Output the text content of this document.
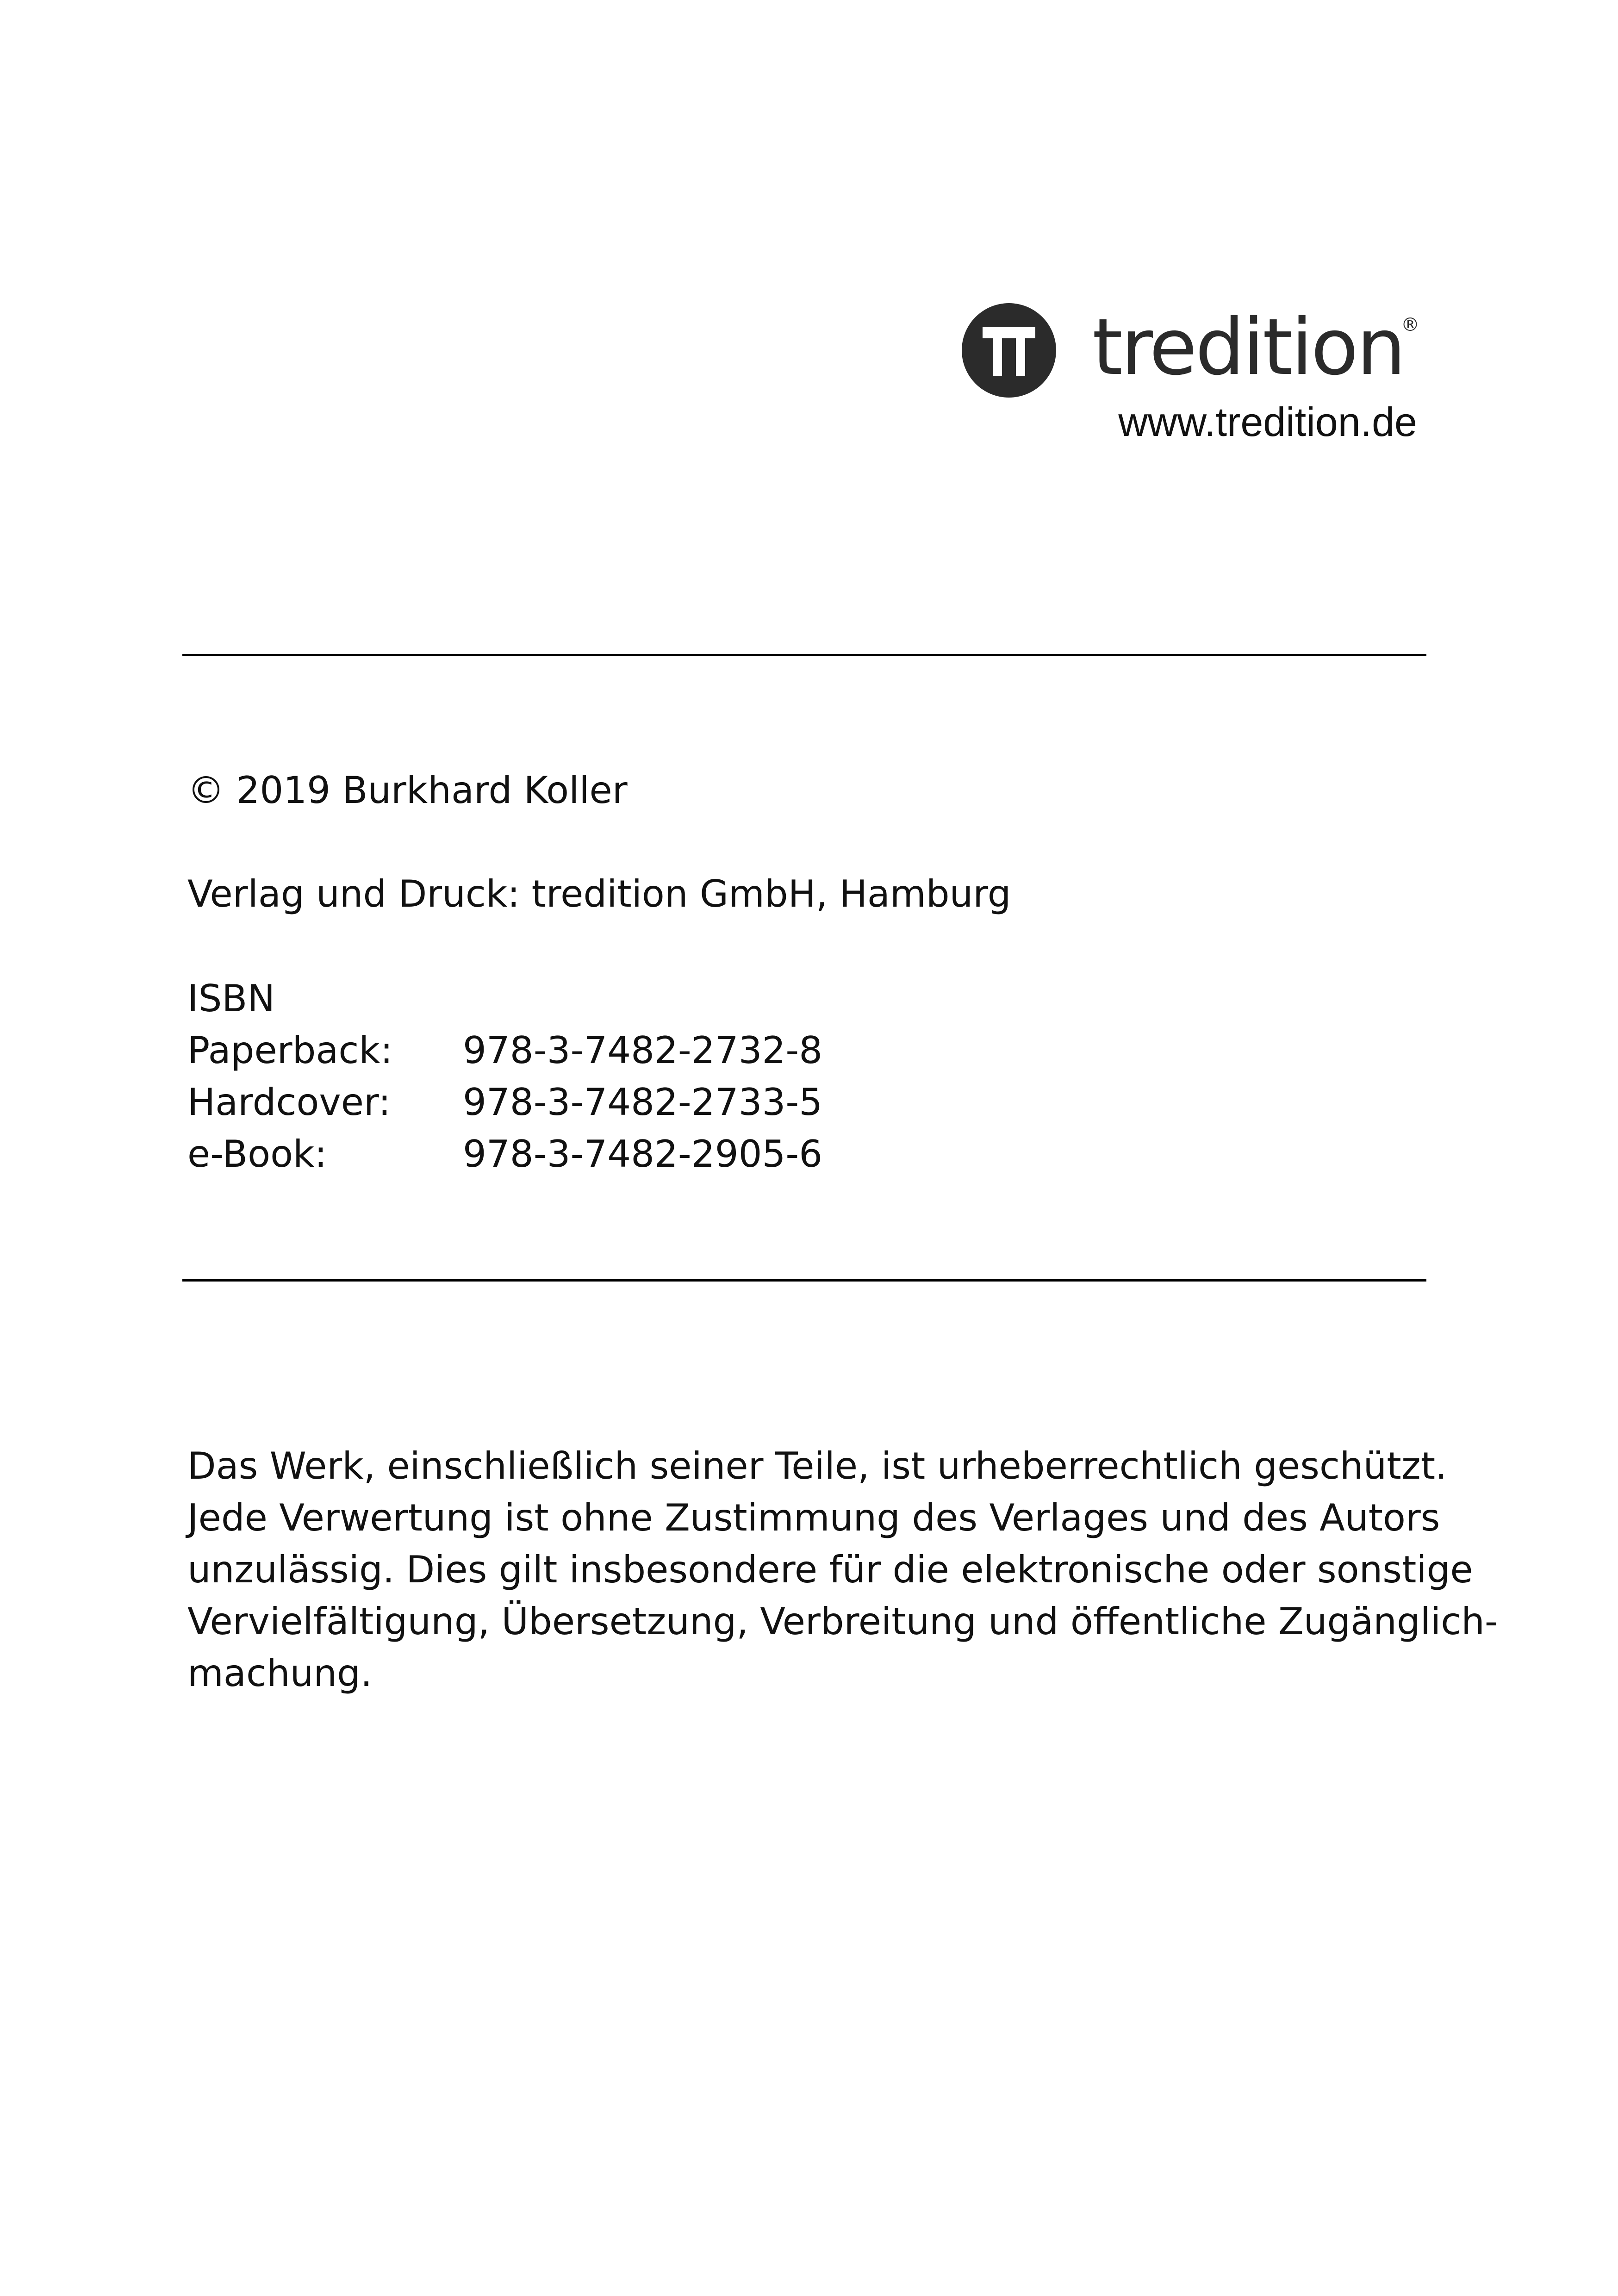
tredition
®
www.tredition.de
© 2019 Burkhard Koller
Verlag und Druck: tredition GmbH, Hamburg
ISBN
Paperback:	978-3-7482-2732-8
Hardcover:	978-3-7482-2733-5
e-Book:	978-3-7482-2905-6
Das Werk, einschließlich seiner Teile, ist urheberrechtlich geschützt.
Jede Verwertung ist ohne Zustimmung des Verlages und des Autors
unzulässig. Dies gilt insbesondere für die elektronische oder sonstige
Vervielfältigung, Übersetzung, Verbreitung und öffentliche Zugänglich-
machung.
